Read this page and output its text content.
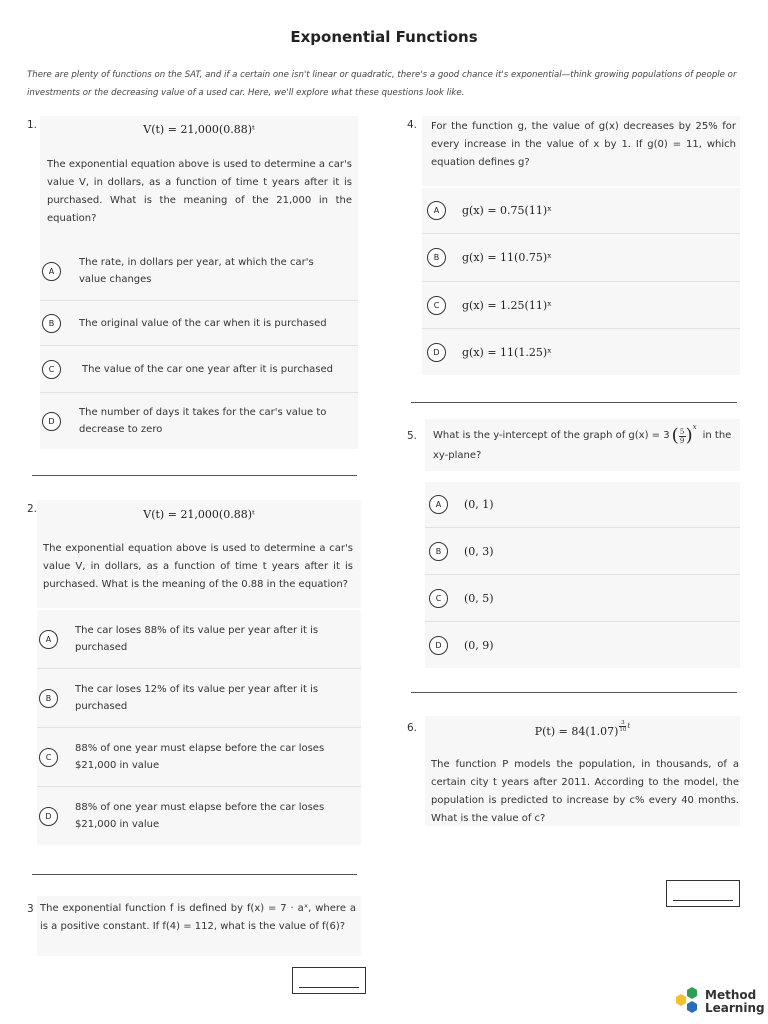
Exponential Functions
There are plenty of functions on the SAT, and if a certain one isn't linear or quadratic, there's a good chance it's exponential—think growing populations of people or investments or the decreasing value of a used car. Here, we'll explore what these questions look like.
1.	V(t) = 21,000(0.88)ᵗ
The exponential equation above is used to determine a car's value V, in dollars, as a function of time t years after it is purchased. What is the meaning of the 21,000 in the equation?
A
The rate, in dollars per year, at which the car's value changes
B	The original value of the car when it is purchased
C	The value of the car one year after it is purchased
D
The number of days it takes for the car's value to decrease to zero
2.	V(t) = 21,000(0.88)ᵗ
The exponential equation above is used to determine a car's value V, in dollars, as a function of time t years after it is purchased. What is the meaning of the 0.88 in the equation?
A
The car loses 88% of its value per year after it is purchased
B
The car loses 12% of its value per year after it is purchased
C
88% of one year must elapse before the car loses $21,000 in value
D
88% of one year must elapse before the car loses $21,000 in value
3 The exponential function f is defined by f(x) = 7 · aˣ, where a is a positive constant. If f(4) = 112, what is the value of f(6)?
4. For the function g, the value of g(x) decreases by 25% for every increase in the value of x by 1. If g(0) = 11, which equation defines g?
A	g(x) = 0.75(11)ˣ
B	g(x) = 11(0.75)ˣ
C	g(x) = 1.25(11)ˣ
D	g(x) = 11(1.25)ˣ
5. What is the y-intercept of the graph of g(x) = 3 ( 5
9 ) x
in the
xy-plane?
A	(0, 1)
B	(0, 3)
C	(0, 5)
D	(0, 9)
6.	P(t) = 84(1.07)
3
10 t
The function P models the population, in thousands, of a certain city t years after 2011. According to the model, the population is predicted to increase by c% every 40 months. What is the value of c?
Method
Learning
